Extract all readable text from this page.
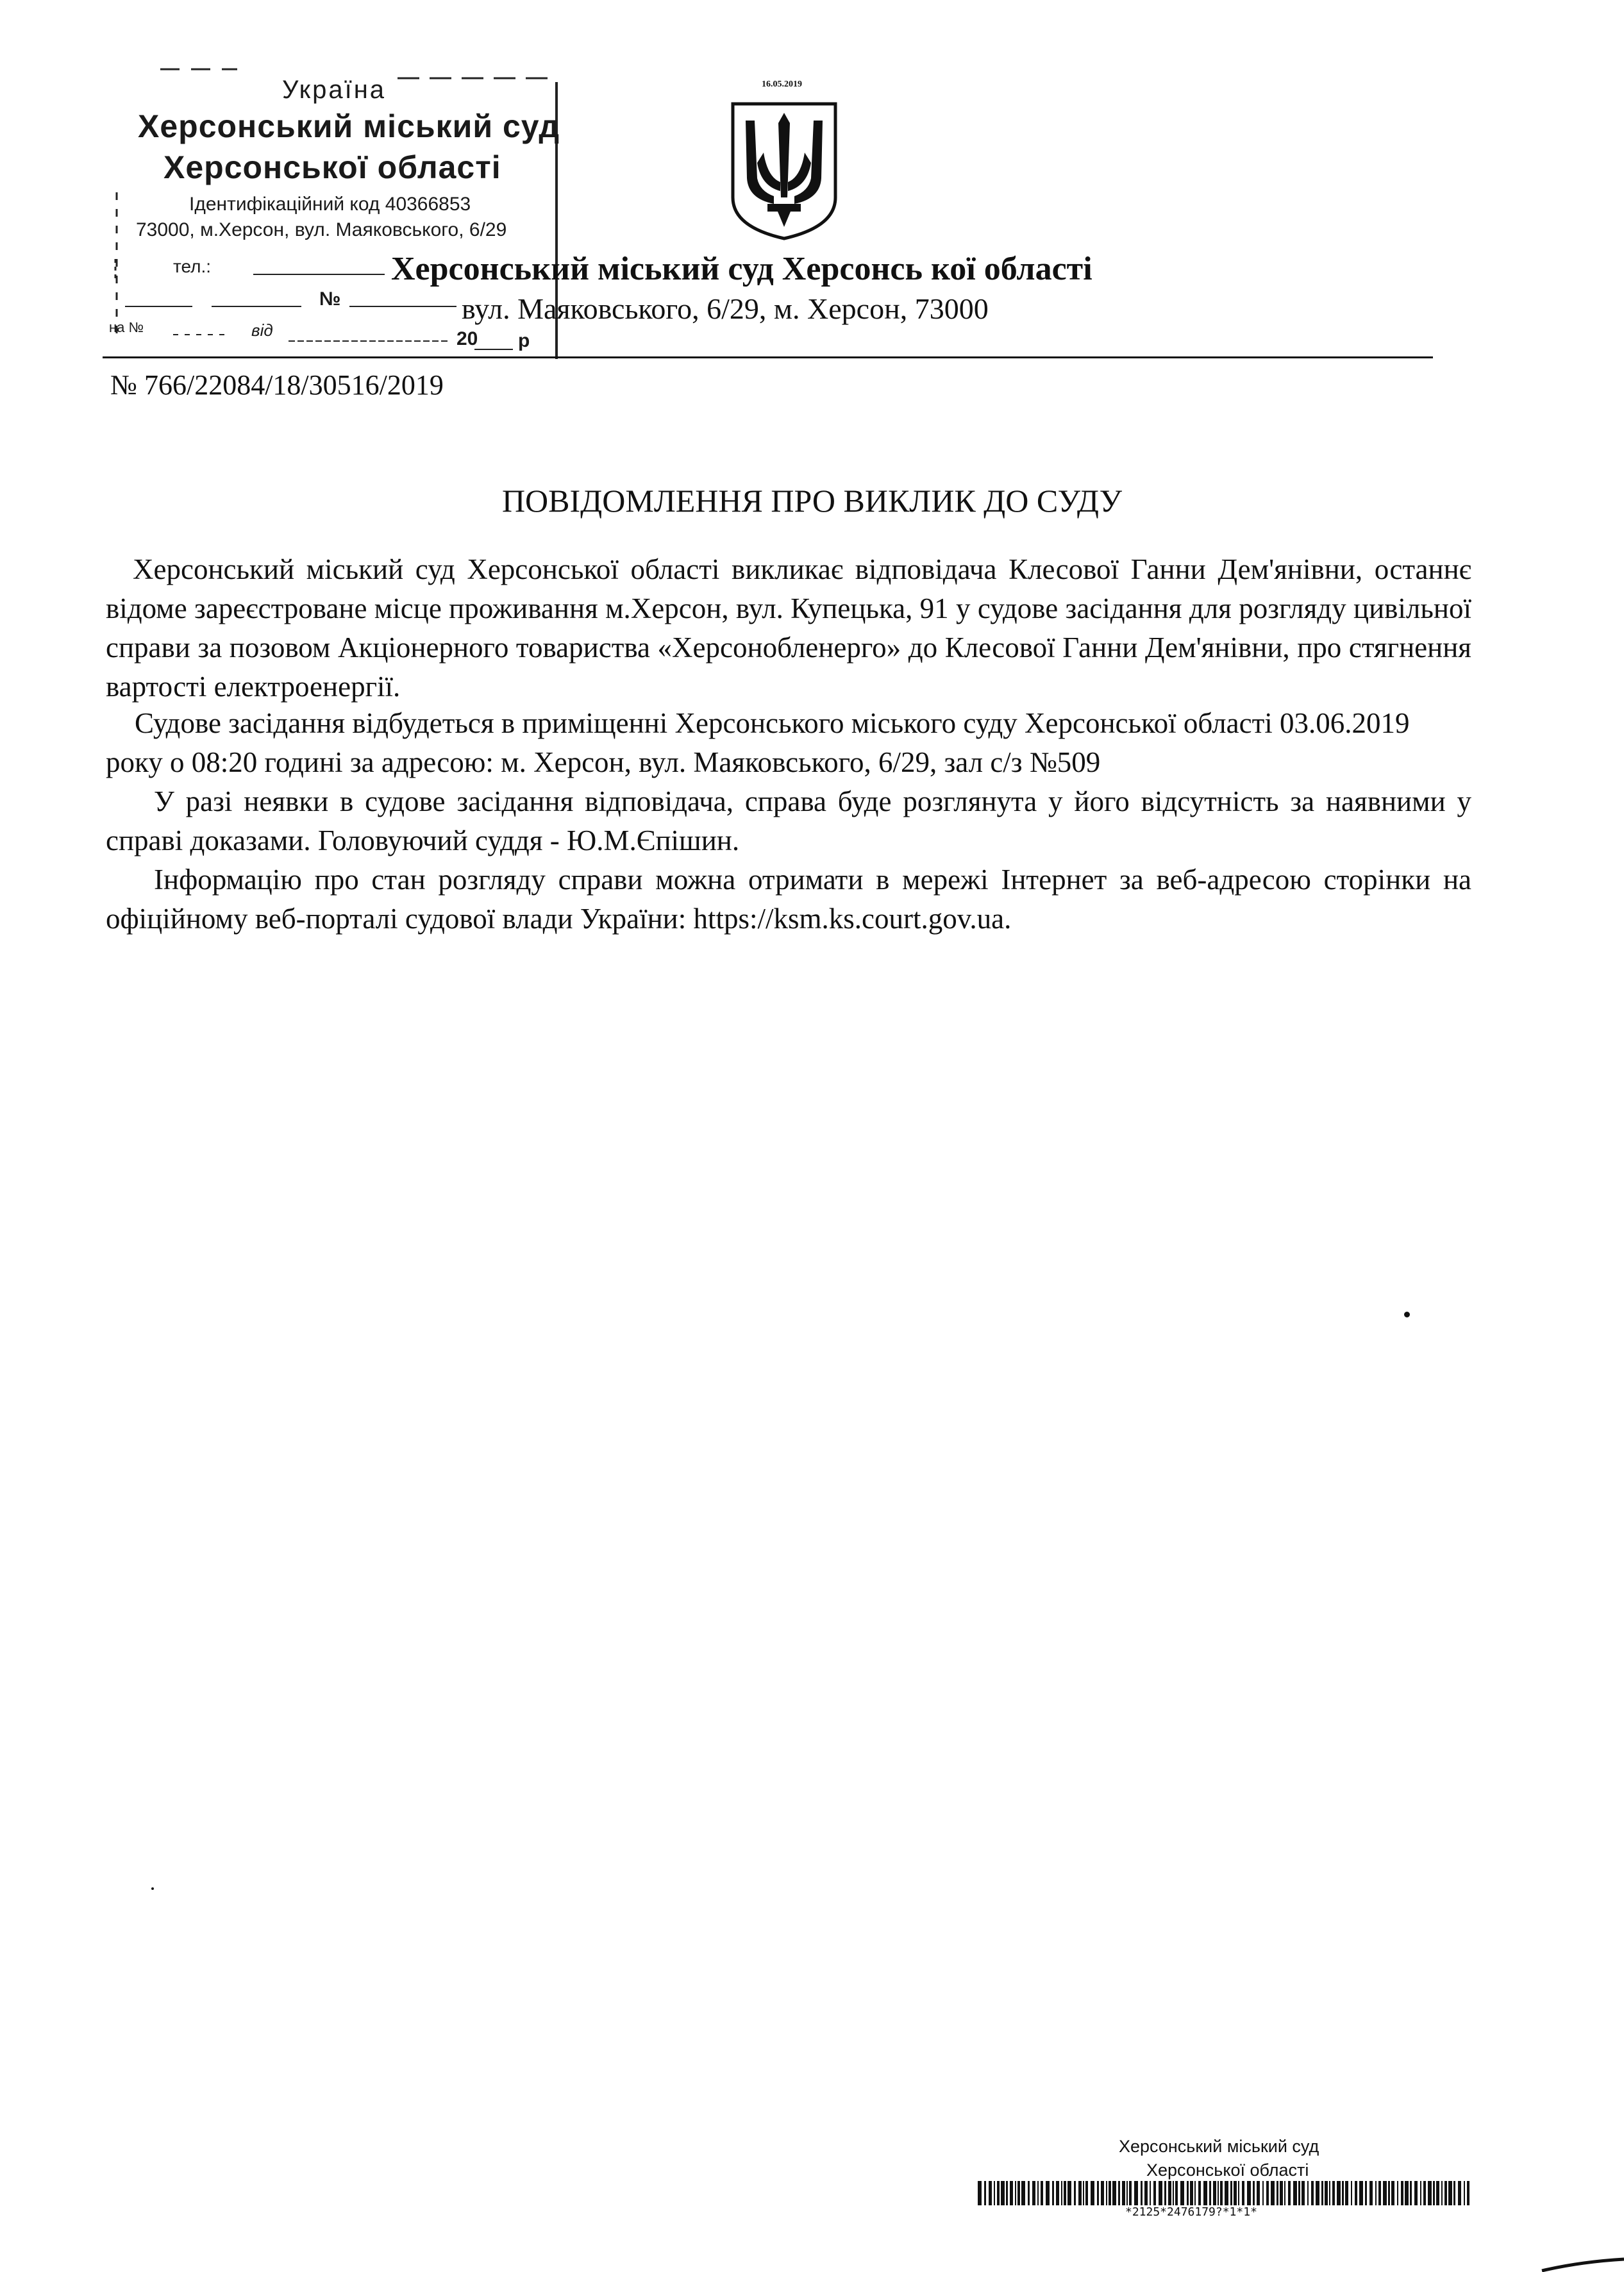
Україна
Херсонський міський суд
Херсонської області
Ідентифікаційний код 40366853
73000, м.Херсон, вул. Маяковського, 6/29
тел.:
№
на №	від	20 р
16.05.2019
Херсонський міський суд Херсонсь кої області
вул. Маяковського, 6/29, м. Херсон, 73000
№ 766/22084/18/30516/2019
ПОВІДОМЛЕННЯ ПРО ВИКЛИК ДО СУДУ
Херсонський міський суд Херсонської області викликає відповідача Клесової Ганни Дем'янівни, останнє відоме зареєстроване місце проживання м.Херсон, вул. Купецька, 91 у судове засідання для розгляду цивільної справи за позовом Акціонерного товариства «Херсонобленерго» до Клесової Ганни Дем'янівни, про стягнення вартості електроенергії.
Судове засідання відбудеться в приміщенні Херсонського міського суду Херсонської області 03.06.2019 року о 08:20 годині за адресою: м. Херсон, вул. Маяковського, 6/29, зал с/з №509
У разі неявки в судове засідання відповідача, справа буде розглянута у його відсутність за наявними у справі доказами. Головуючий суддя - Ю.М.Єпішин.
Інформацію про стан розгляду справи можна отримати в мережі Інтернет за веб-адресою сторінки на офіційному веб-порталі судової влади України: https://ksm.ks.court.gov.ua.
Херсонський міський суд
Херсонської області
*2125*2476179?*1*1*
